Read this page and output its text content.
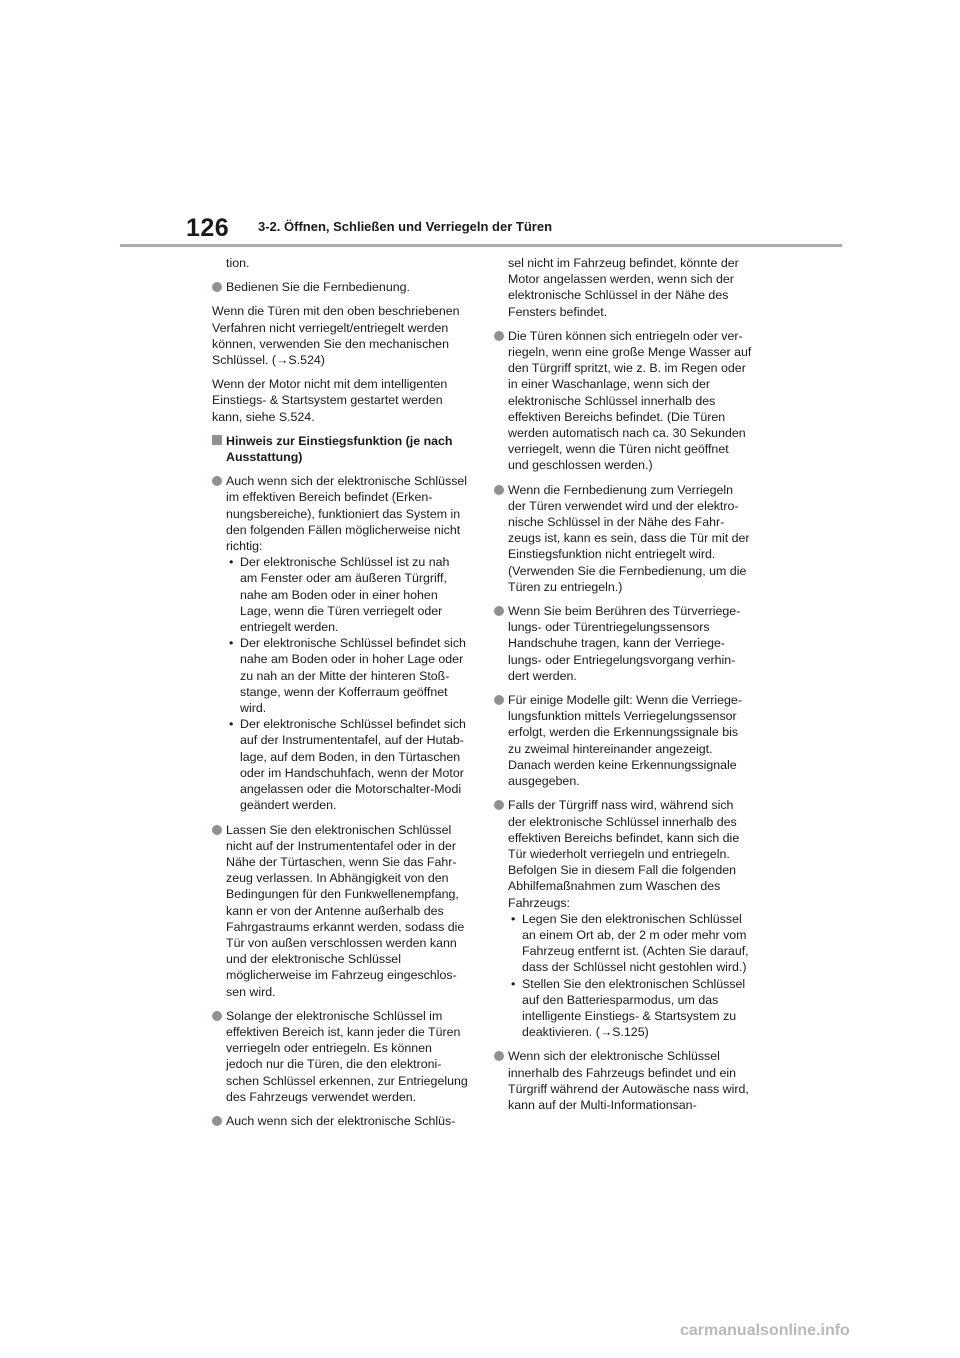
126 3-2. Öffnen, Schließen und Verriegeln der Türen
tion.
Bedienen Sie die Fernbedienung.
Wenn die Türen mit den oben beschriebenen Verfahren nicht verriegelt/entriegelt werden können, verwenden Sie den mechanischen Schlüssel. (→S.524)
Wenn der Motor nicht mit dem intelligenten Einstiegs- & Startsystem gestartet werden kann, siehe S.524.
Hinweis zur Einstiegsfunktion (je nach Ausstattung)
Auch wenn sich der elektronische Schlüssel im effektiven Bereich befindet (Erkennungsbereiche), funktioniert das System in den folgenden Fällen möglicherweise nicht richtig:
• Der elektronische Schlüssel ist zu nah am Fenster oder am äußeren Türgriff, nahe am Boden oder in einer hohen Lage, wenn die Türen verriegelt oder entriegelt werden.
• Der elektronische Schlüssel befindet sich nahe am Boden oder in hoher Lage oder zu nah an der Mitte der hinteren Stoßstange, wenn der Kofferraum geöffnet wird.
• Der elektronische Schlüssel befindet sich auf der Instrumententafel, auf der Hutablage, auf dem Boden, in den Türtaschen oder im Handschuhfach, wenn der Motor angelassen oder die Motorschalter-Modi geändert werden.
Lassen Sie den elektronischen Schlüssel nicht auf der Instrumententafel oder in der Nähe der Türtaschen, wenn Sie das Fahrzeug verlassen. In Abhängigkeit von den Bedingungen für den Funkwellenempfang, kann er von der Antenne außerhalb des Fahrgastraums erkannt werden, sodass die Tür von außen verschlossen werden kann und der elektronische Schlüssel möglicherweise im Fahrzeug eingeschlossen wird.
Solange der elektronische Schlüssel im effektiven Bereich ist, kann jeder die Türen verriegeln oder entriegeln. Es können jedoch nur die Türen, die den elektronischen Schlüssel erkennen, zur Entriegelung des Fahrzeugs verwendet werden.
Auch wenn sich der elektronische Schlüs-
sel nicht im Fahrzeug befindet, könnte der Motor angelassen werden, wenn sich der elektronische Schlüssel in der Nähe des Fensters befindet.
Die Türen können sich entriegeln oder verriegeln, wenn eine große Menge Wasser auf den Türgriff spritzt, wie z. B. im Regen oder in einer Waschanlage, wenn sich der elektronische Schlüssel innerhalb des effektiven Bereichs befindet. (Die Türen werden automatisch nach ca. 30 Sekunden verriegelt, wenn die Türen nicht geöffnet und geschlossen werden.)
Wenn die Fernbedienung zum Verriegeln der Türen verwendet wird und der elektronische Schlüssel in der Nähe des Fahrzeugs ist, kann es sein, dass die Tür mit der Einstiegsfunktion nicht entriegelt wird. (Verwenden Sie die Fernbedienung, um die Türen zu entriegeln.)
Wenn Sie beim Berühren des Türverriegelungs- oder Türentriegelungssensors Handschuhe tragen, kann der Verriegelungs- oder Entriegelungsvorgang verhindert werden.
Für einige Modelle gilt: Wenn die Verriegelungsfunktion mittels Verriegelungssensor erfolgt, werden die Erkennungssignale bis zu zweimal hintereinander angezeigt. Danach werden keine Erkennungssignale ausgegeben.
Falls der Türgriff nass wird, während sich der elektronische Schlüssel innerhalb des effektiven Bereichs befindet, kann sich die Tür wiederholt verriegeln und entriegeln. Befolgen Sie in diesem Fall die folgenden Abhilfemaßnahmen zum Waschen des Fahrzeugs:
• Legen Sie den elektronischen Schlüssel an einem Ort ab, der 2 m oder mehr vom Fahrzeug entfernt ist. (Achten Sie darauf, dass der Schlüssel nicht gestohlen wird.)
• Stellen Sie den elektronischen Schlüssel auf den Batteriesparmodus, um das intelligente Einstiegs- & Startsystem zu deaktivieren. (→S.125)
Wenn sich der elektronische Schlüssel innerhalb des Fahrzeugs befindet und ein Türgriff während der Autowäsche nass wird, kann auf der Multi-Informationsan-
carmanualsonline.info
